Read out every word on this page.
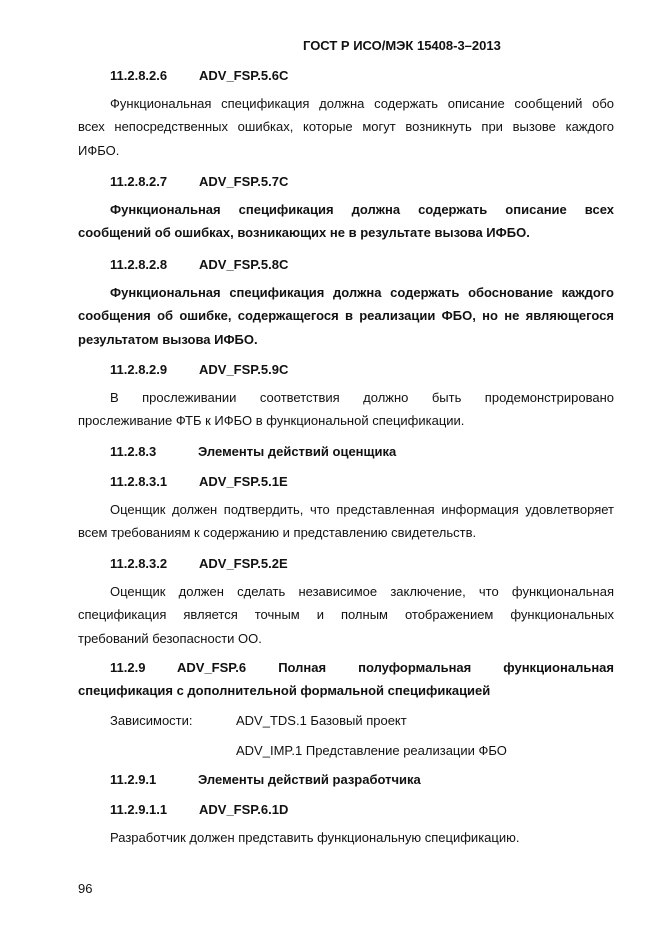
ГОСТ Р ИСО/МЭК 15408-3–2013
11.2.8.2.6 ADV_FSP.5.6C
Функциональная спецификация должна содержать описание сообщений обо
всех непосредственных ошибках, которые могут возникнуть при вызове каждого
ИФБО.
11.2.8.2.7 ADV_FSP.5.7C
Функциональная спецификация должна содержать описание всех
сообщений об ошибках, возникающих не в результате вызова ИФБО.
11.2.8.2.8 ADV_FSP.5.8C
Функциональная спецификация должна содержать обоснование каждого
сообщения об ошибке, содержащегося в реализации ФБО, но не являющегося
результатом вызова ИФБО.
11.2.8.2.9 ADV_FSP.5.9C
В прослеживании соответствия должно быть продемонстрировано
прослеживание ФТБ к ИФБО в функциональной спецификации.
11.2.8.3	Элементы действий оценщика
11.2.8.3.1 ADV_FSP.5.1E
Оценщик должен подтвердить, что представленная информация удовлетворяет
всем требованиям к содержанию и представлению свидетельств.
11.2.8.3.2 ADV_FSP.5.2E
Оценщик должен сделать независимое заключение, что функциональная
спецификация является точным и полным отображением функциональных
требований безопасности ОО.
11.2.9 ADV_FSP.6 Полная полуформальная функциональная
спецификация с дополнительной формальной спецификацией
Зависимости:	ADV_TDS.1 Базовый проект
ADV_IMP.1 Представление реализации ФБО
11.2.9.1	Элементы действий разработчика
11.2.9.1.1 ADV_FSP.6.1D
Разработчик должен представить функциональную спецификацию.
96
